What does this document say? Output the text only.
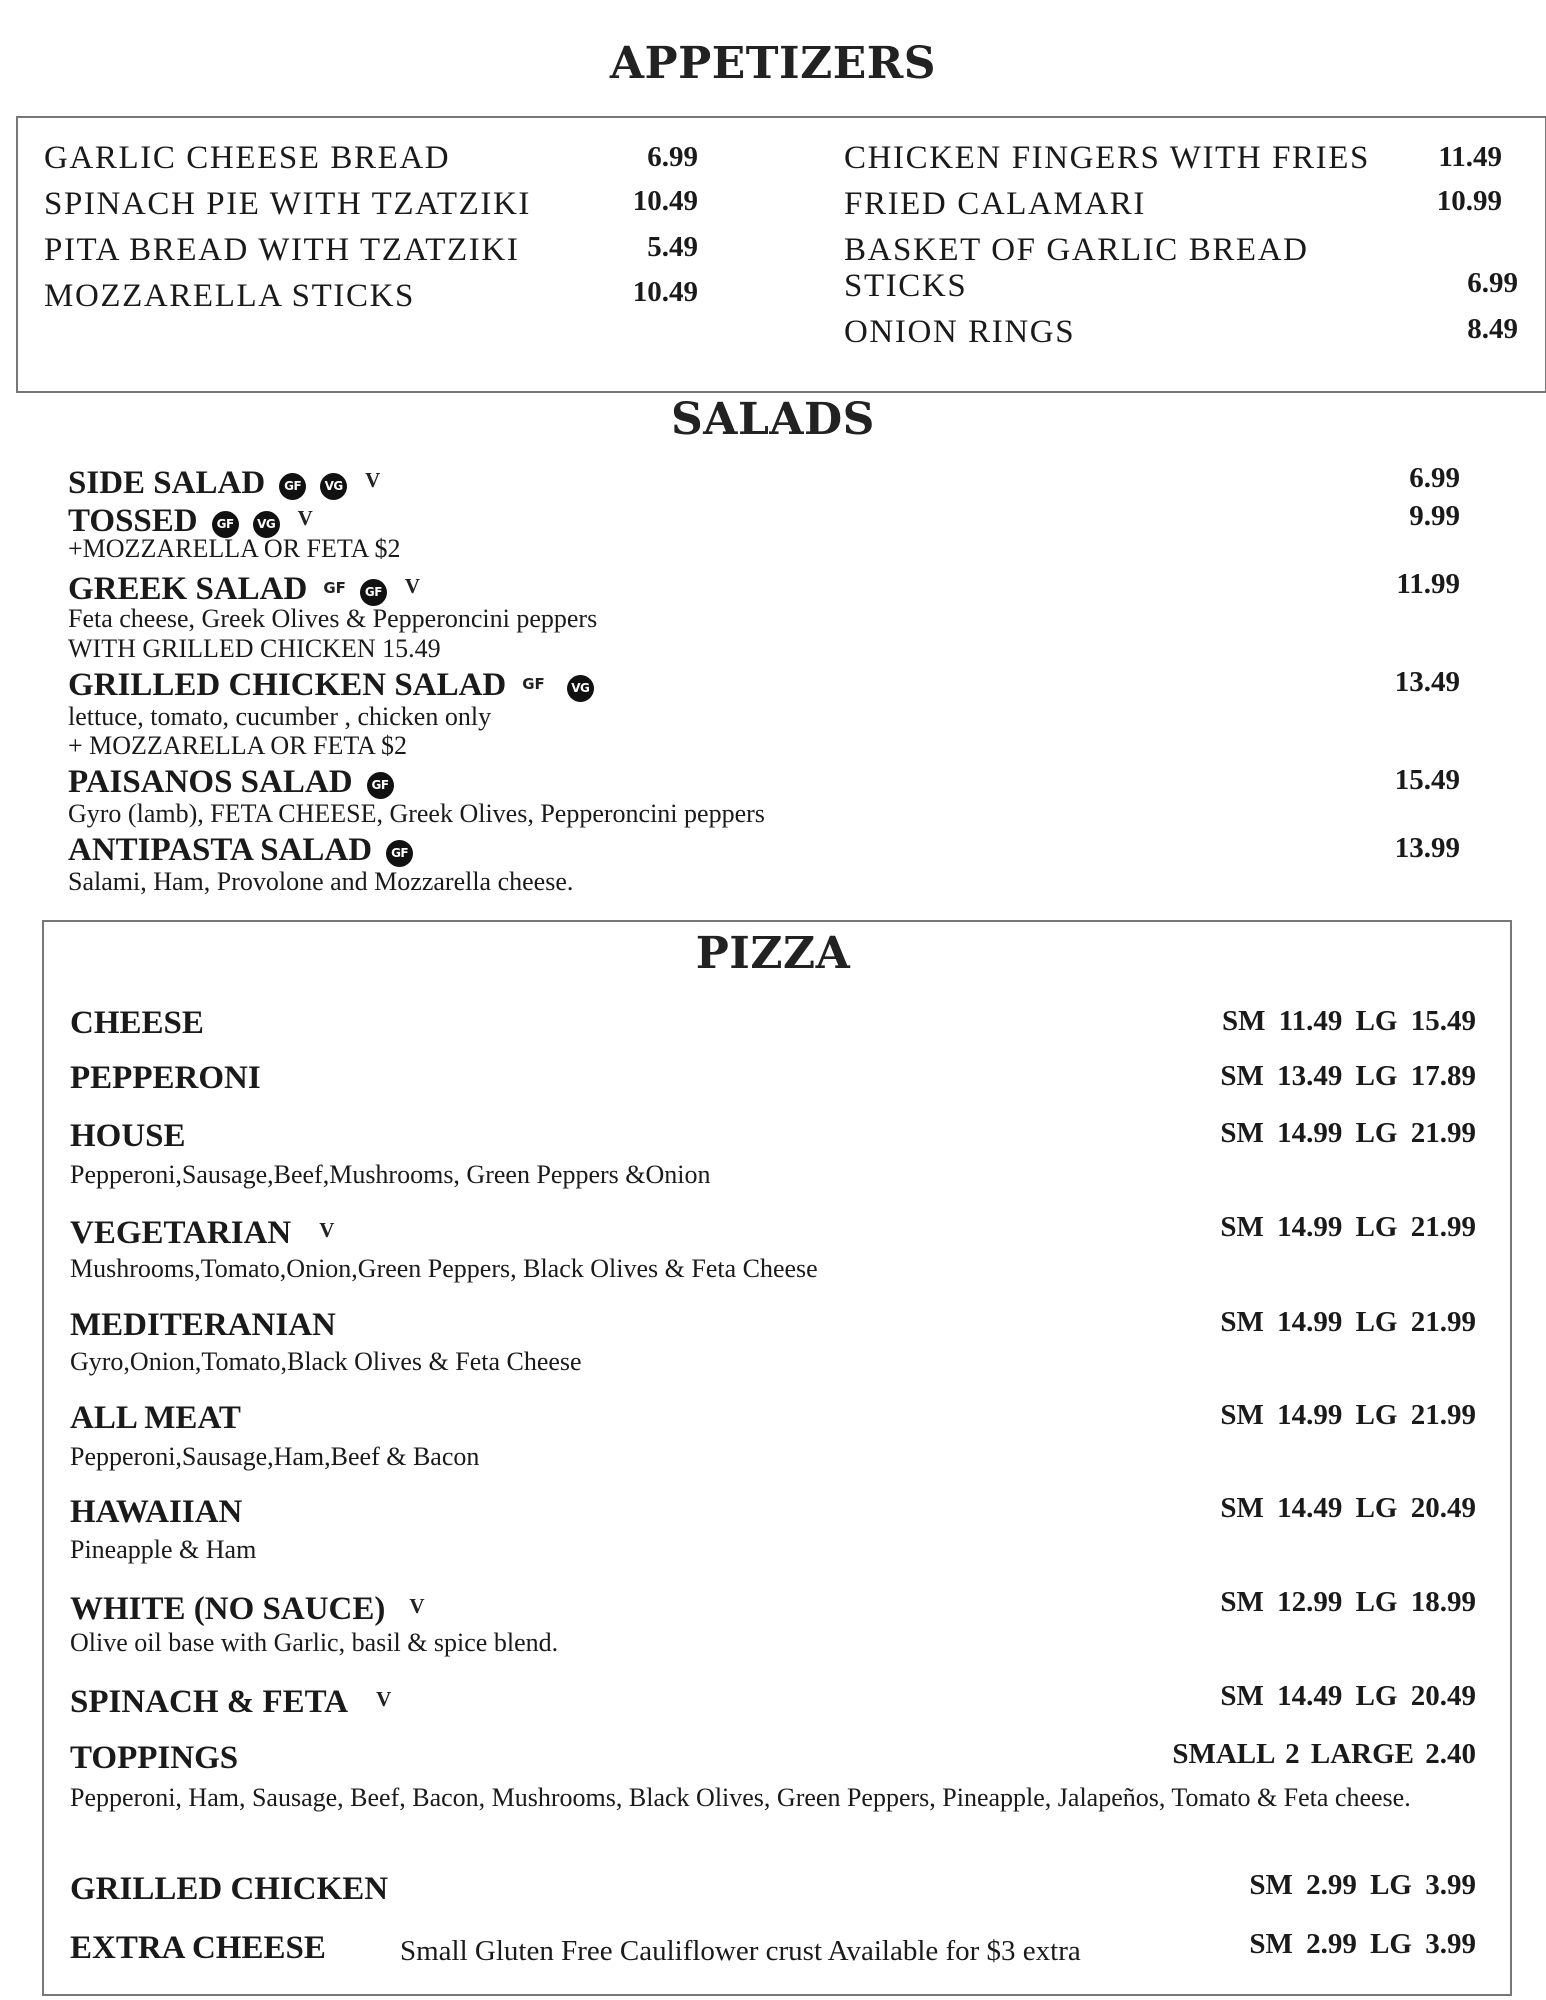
APPETIZERS
GARLIC CHEESE BREAD	6.99
SPINACH PIE WITH TZATZIKI	10.49
PITA BREAD WITH TZATZIKI	5.49
MOZZARELLA STICKS	10.49
CHICKEN FINGERS WITH FRIES	11.49
FRIED CALAMARI	10.99
BASKET OF GARLIC BREAD
STICKS	6.99
ONION RINGS	8.49
SALADS
SIDE SALAD GF VG V	6.99
TOSSED GF VG V	9.99
+MOZZARELLA OR FETA $2
GREEK SALAD GF GF V	11.99
Feta cheese, Greek Olives & Pepperoncini peppers
WITH GRILLED CHICKEN 15.49
GRILLED CHICKEN SALAD GF VG	13.49
lettuce, tomato, cucumber , chicken only
+ MOZZARELLA OR FETA $2
PAISANOS SALAD GF	15.49
Gyro (lamb), FETA CHEESE, Greek Olives, Pepperoncini peppers
ANTIPASTA SALAD GF	13.99
Salami, Ham, Provolone and Mozzarella cheese.
PIZZA
CHEESE	SM 11.49 LG 15.49
PEPPERONI	SM 13.49 LG 17.89
HOUSE	SM 14.99 LG 21.99
Pepperoni,Sausage,Beef,Mushrooms, Green Peppers &Onion
VEGETARIAN V	SM 14.99 LG 21.99
Mushrooms,Tomato,Onion,Green Peppers, Black Olives & Feta Cheese
MEDITERANIAN	SM 14.99 LG 21.99
Gyro,Onion,Tomato,Black Olives & Feta Cheese
ALL MEAT	SM 14.99 LG 21.99
Pepperoni,Sausage,Ham,Beef & Bacon
HAWAIIAN	SM 14.49 LG 20.49
Pineapple & Ham
WHITE (NO SAUCE) V	SM 12.99 LG 18.99
Olive oil base with Garlic, basil & spice blend.
SPINACH & FETA V	SM 14.49 LG 20.49
TOPPINGS	SMALL 2 LARGE 2.40
Pepperoni, Ham, Sausage, Beef, Bacon, Mushrooms, Black Olives, Green Peppers, Pineapple, Jalapeños, Tomato & Feta cheese.
GRILLED CHICKEN	SM 2.99 LG 3.99
EXTRA CHEESE	Small Gluten Free Cauliflower crust Available for $3 extra	SM 2.99 LG 3.99
